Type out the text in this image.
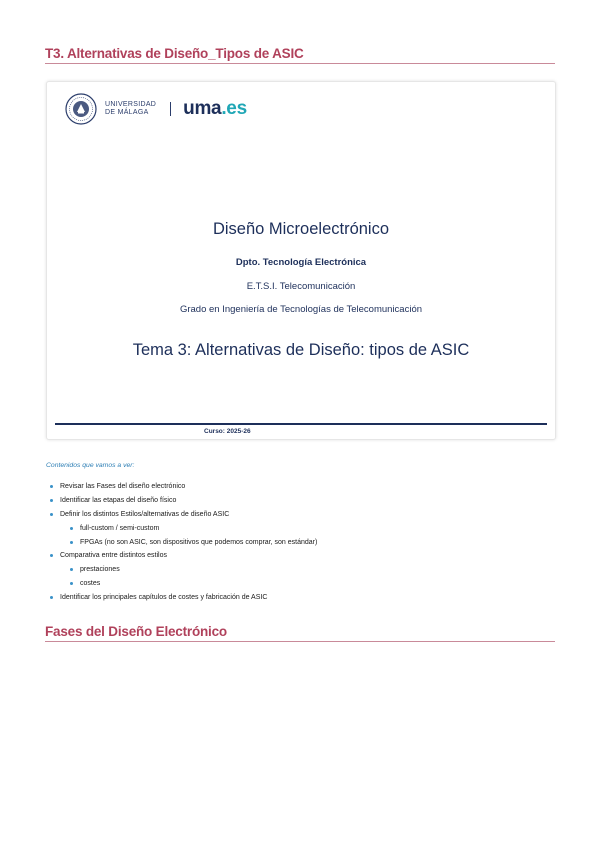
T3. Alternativas de Diseño_Tipos de ASIC
UNIVERSIDAD
DE MÁLAGA	uma.es
Diseño Microelectrónico
Dpto. Tecnología Electrónica
E.T.S.I. Telecomunicación
Grado en Ingeniería de Tecnologías de Telecomunicación
Tema 3: Alternativas de Diseño: tipos de ASIC
Curso: 2025-26
Contenidos que vamos a ver:
Revisar las Fases del diseño electrónico
Identificar las etapas del diseño físico
Definir los distintos Estilos/alternativas de diseño ASIC
full-custom / semi-custom
FPGAs (no son ASIC, son dispositivos que podemos comprar, son estándar)
Comparativa entre distintos estilos
prestaciones
costes
Identificar los principales capítulos de costes y fabricación de ASIC
Fases del Diseño Electrónico
